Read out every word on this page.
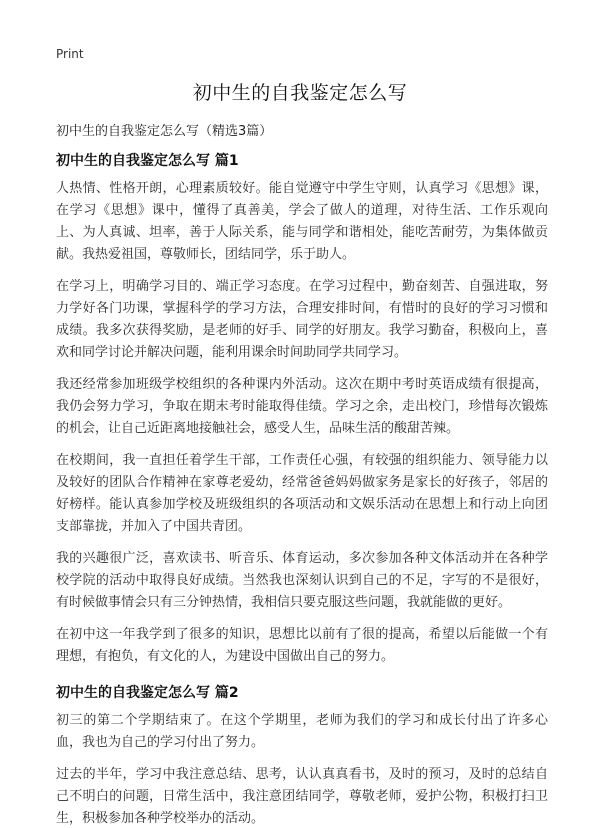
Print
初中生的自我鉴定怎么写
初中生的自我鉴定怎么写（精选3篇）
初中生的自我鉴定怎么写 篇1

人热情、性格开朗，心理素质较好。能自觉遵守中学生守则，认真学习《思想》课，在学习《思想》课中，懂得了真善美，学会了做人的道理，对待生活、工作乐观向上、为人真诚、坦率，善于人际关系，能与同学和谐相处，能吃苦耐劳，为集体做贡献。我热爱祖国，尊敬师长，团结同学，乐于助人。

在学习上，明确学习目的、端正学习态度。在学习过程中，勤奋刻苦、自强进取，努力学好各门功课，掌握科学的学习方法，合理安排时间，有惜时的良好的学习习惯和成绩。我多次获得奖励，是老师的好手、同学的好朋友。我学习勤奋，积极向上，喜欢和同学讨论并解决问题，能利用课余时间助同学共同学习。

我还经常参加班级学校组织的各种课内外活动。这次在期中考时英语成绩有很提高，我仍会努力学习，争取在期末考时能取得佳绩。学习之余，走出校门，珍惜每次锻炼的机会，让自己近距离地接触社会，感受人生，品味生活的酸甜苦辣。

在校期间，我一直担任着学生干部，工作责任心强，有较强的组织能力、领导能力以及较好的团队合作精神在家尊老爱幼，经常爸爸妈妈做家务是家长的好孩子，邻居的好榜样。能认真参加学校及班级组织的各项活动和文娱乐活动在思想上和行动上向团支部靠拢，并加入了中国共青团。

我的兴趣很广泛，喜欢读书、听音乐、体育运动，多次参加各种文体活动并在各种学校学院的活动中取得良好成绩。当然我也深刻认识到自己的不足，字写的不是很好，有时候做事情会只有三分钟热情，我相信只要克服这些问题，我就能做的更好。

在初中这一年我学到了很多的知识，思想比以前有了很的提高，希望以后能做一个有理想，有抱负，有文化的人，为建设中国做出自己的努力。

初中生的自我鉴定怎么写 篇2

初三的第二个学期结束了。在这个学期里，老师为我们的学习和成长付出了许多心血，我也为自己的学习付出了努力。

过去的半年，学习中我注意总结、思考，认认真真看书，及时的预习，及时的总结自己不明白的问题，日常生活中，我注意团结同学，尊敬老师，爱护公物，积极打扫卫生，积极参加各种学校举办的活动。
